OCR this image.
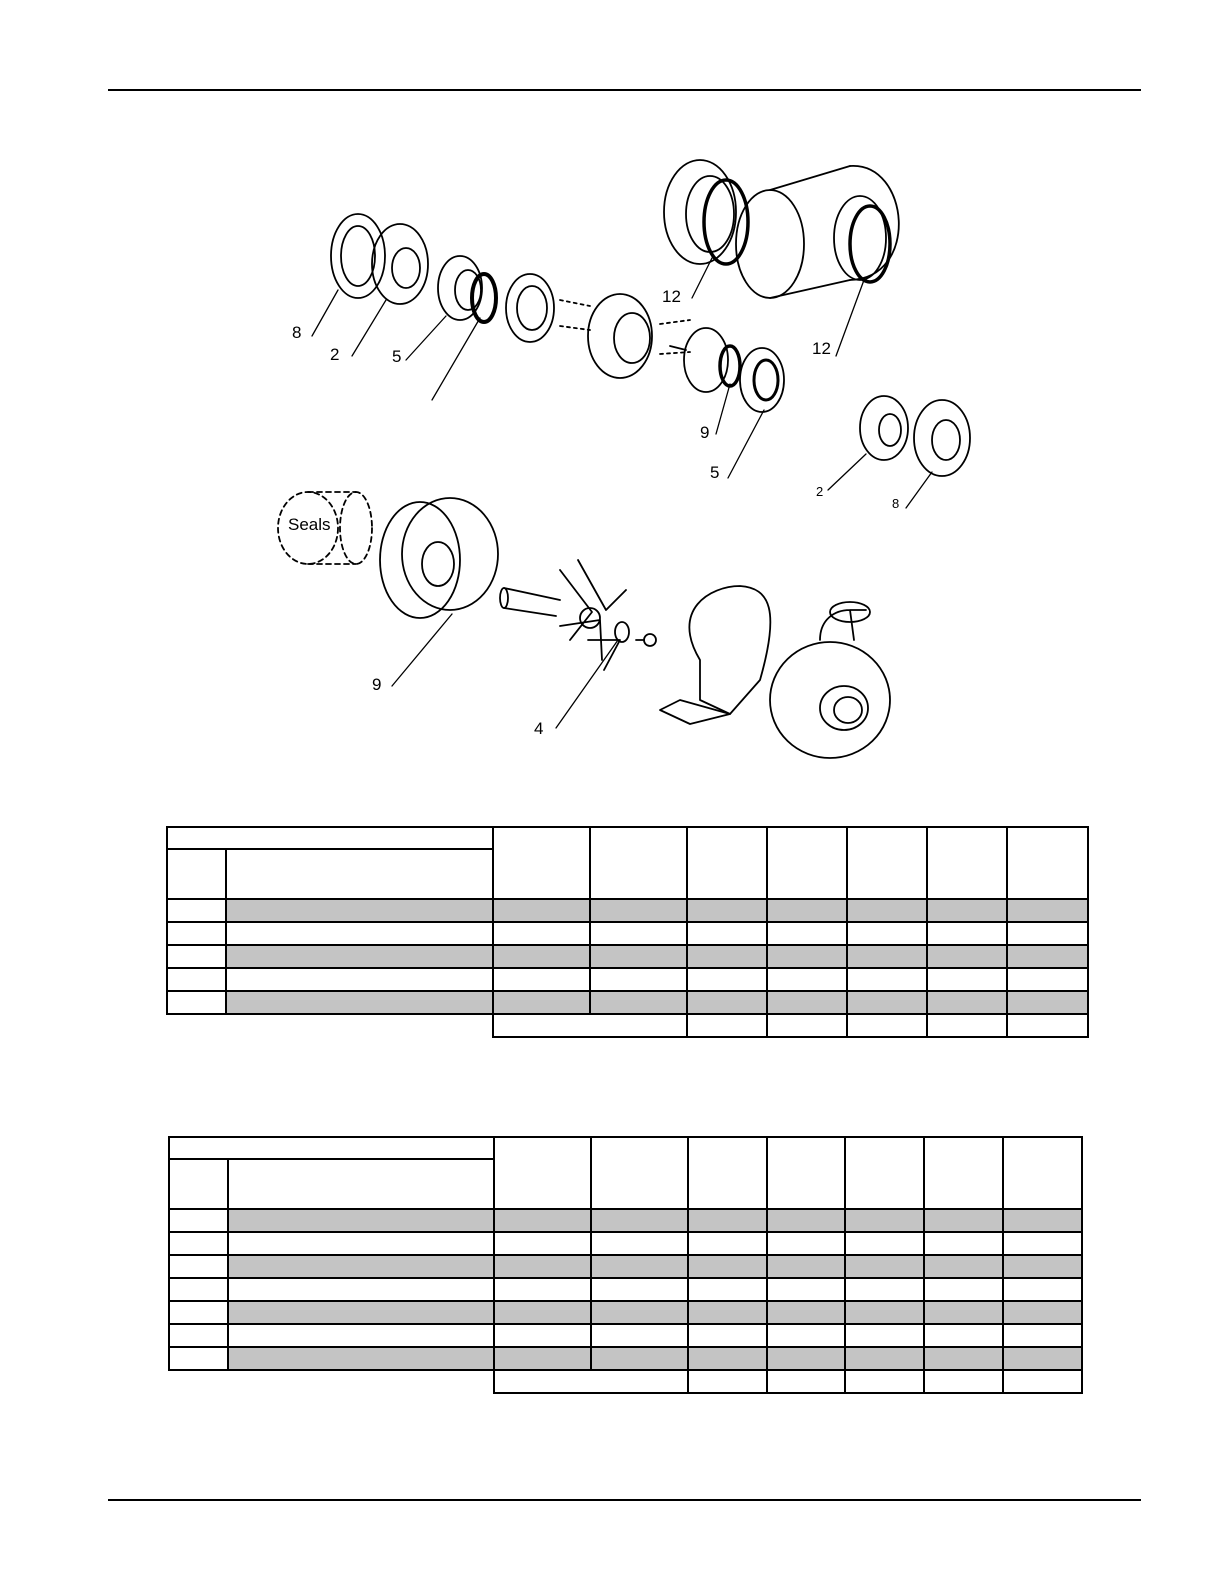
8
2	5
12
12
9
5
2
8
Seals
9
4
